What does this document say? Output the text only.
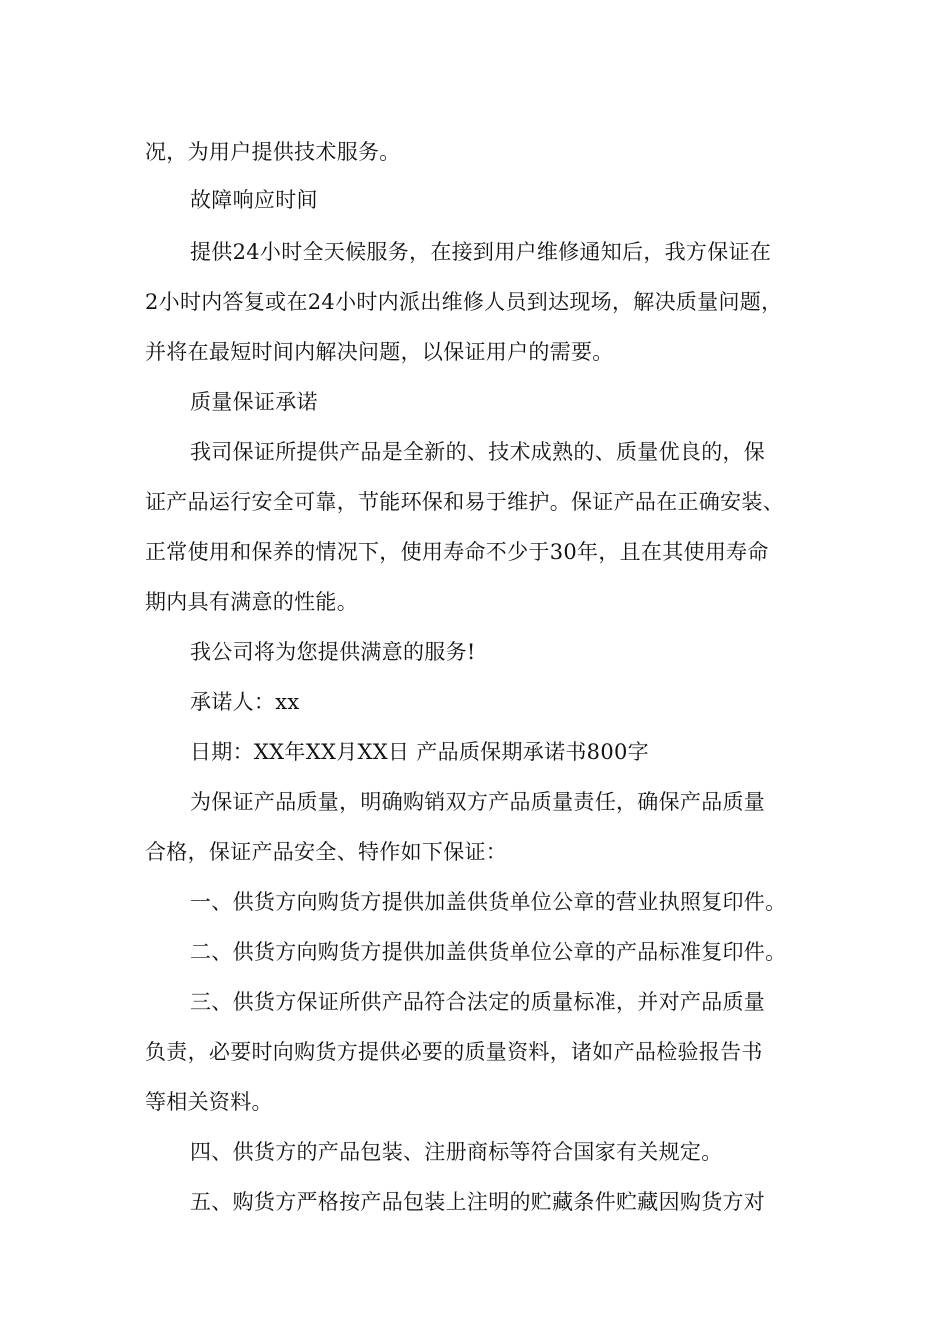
况，为用户提供技术服务。
故障响应时间
提供24小时全天候服务，在接到用户维修通知后，我方保证在
2小时内答复或在24小时内派出维修人员到达现场，解决质量问题，
并将在最短时间内解决问题，以保证用户的需要。
质量保证承诺
我司保证所提供产品是全新的、技术成熟的、质量优良的，保
证产品运行安全可靠，节能环保和易于维护。保证产品在正确安装、
正常使用和保养的情况下，使用寿命不少于30年，且在其使用寿命
期内具有满意的性能。
我公司将为您提供满意的服务!
承诺人：xx
日期：XX年XX月XX日 产品质保期承诺书800字
为保证产品质量，明确购销双方产品质量责任，确保产品质量
合格，保证产品安全、特作如下保证：
一、供货方向购货方提供加盖供货单位公章的营业执照复印件。
二、供货方向购货方提供加盖供货单位公章的产品标准复印件。
三、供货方保证所供产品符合法定的质量标准，并对产品质量
负责，必要时向购货方提供必要的质量资料，诸如产品检验报告书
等相关资料。
四、供货方的产品包装、注册商标等符合国家有关规定。
五、购货方严格按产品包装上注明的贮藏条件贮藏因购货方对
